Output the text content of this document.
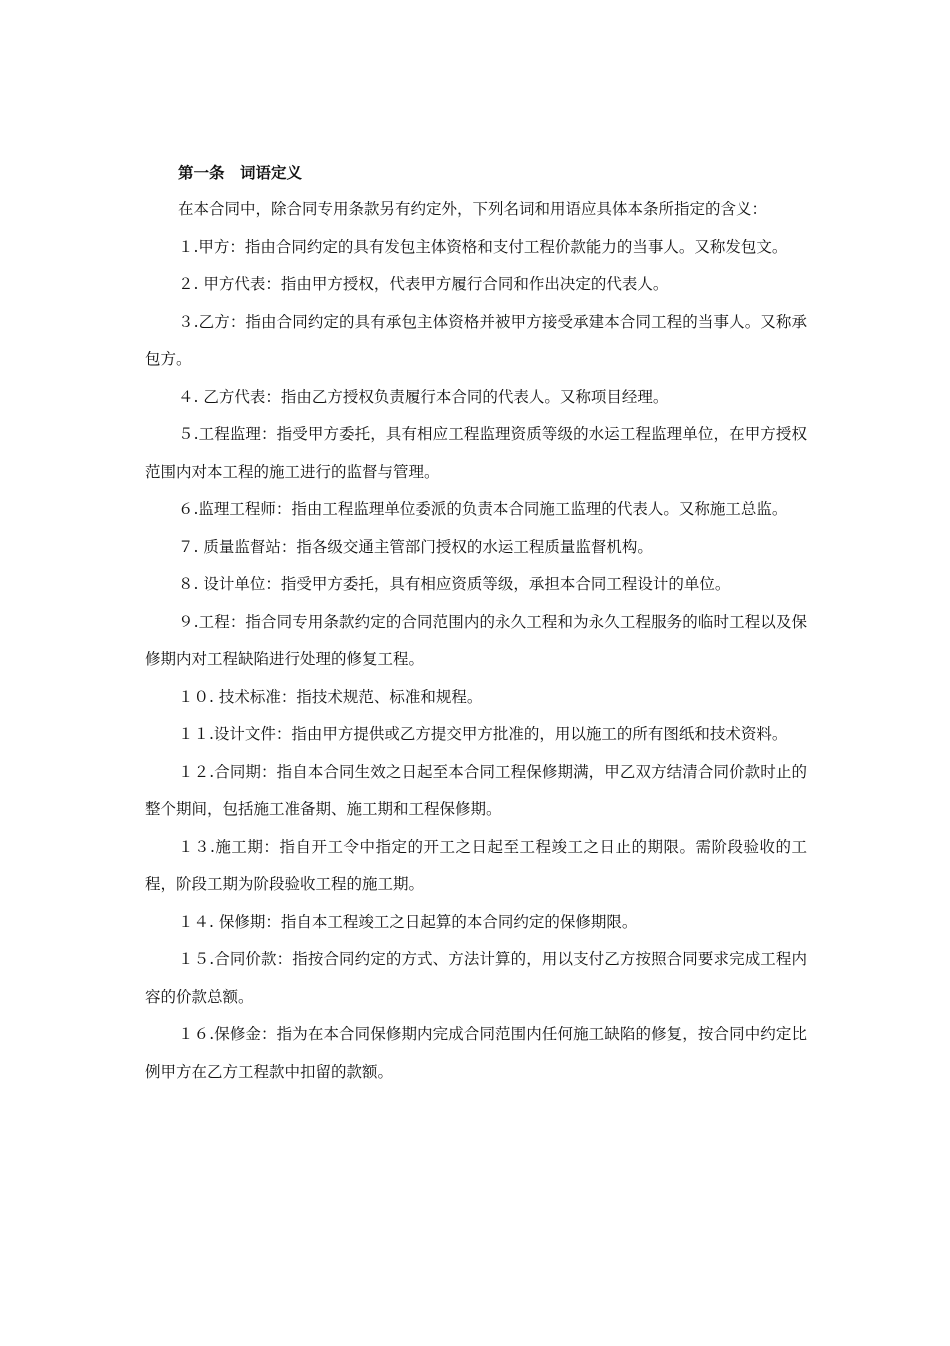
第一条　词语定义

在本合同中，除合同专用条款另有约定外，下列名词和用语应具体本条所指定的含义：

１.甲方：指由合同约定的具有发包主体资格和支付工程价款能力的当事人。又称发包文。

２. 甲方代表：指由甲方授权，代表甲方履行合同和作出决定的代表人。

３.乙方：指由合同约定的具有承包主体资格并被甲方接受承建本合同工程的当事人。又称承包方。

４. 乙方代表：指由乙方授权负责履行本合同的代表人。又称项目经理。

５.工程监理：指受甲方委托，具有相应工程监理资质等级的水运工程监理单位，在甲方授权范围内对本工程的施工进行的监督与管理。

６.监理工程师：指由工程监理单位委派的负责本合同施工监理的代表人。又称施工总监。

７. 质量监督站：指各级交通主管部门授权的水运工程质量监督机构。

８. 设计单位：指受甲方委托，具有相应资质等级，承担本合同工程设计的单位。

９.工程：指合同专用条款约定的合同范围内的永久工程和为永久工程服务的临时工程以及保修期内对工程缺陷进行处理的修复工程。

１０. 技术标准：指技术规范、标准和规程。

１１.设计文件：指由甲方提供或乙方提交甲方批准的，用以施工的所有图纸和技术资料。

１２.合同期：指自本合同生效之日起至本合同工程保修期满，甲乙双方结清合同价款时止的整个期间，包括施工准备期、施工期和工程保修期。

１３.施工期：指自开工令中指定的开工之日起至工程竣工之日止的期限。需阶段验收的工程，阶段工期为阶段验收工程的施工期。

１４. 保修期：指自本工程竣工之日起算的本合同约定的保修期限。

１５.合同价款：指按合同约定的方式、方法计算的，用以支付乙方按照合同要求完成工程内容的价款总额。

１６.保修金：指为在本合同保修期内完成合同范围内任何施工缺陷的修复，按合同中约定比例甲方在乙方工程款中扣留的款额。
